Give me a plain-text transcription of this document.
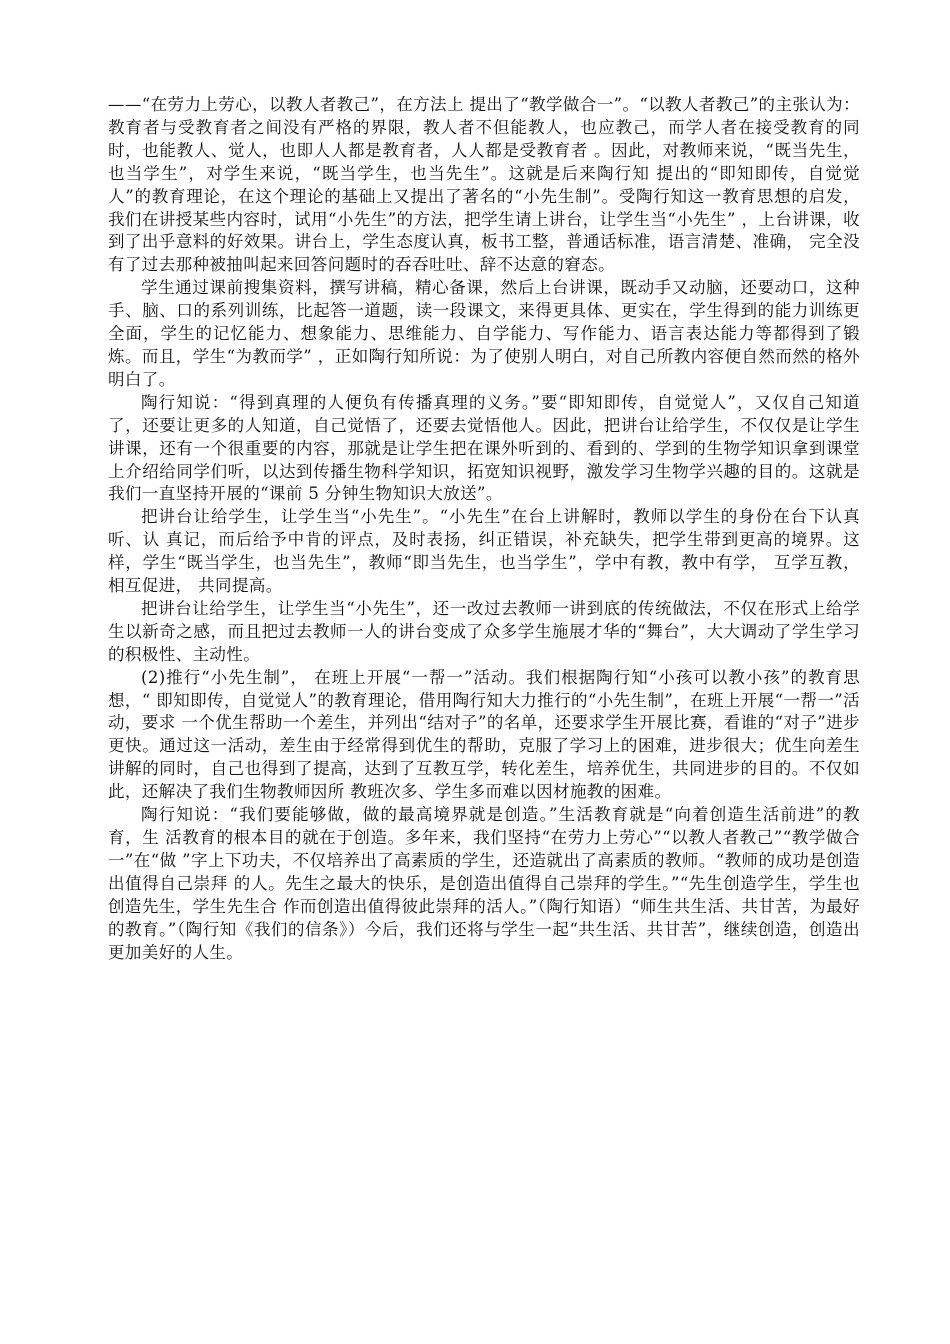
——“在劳力上劳心，以教人者教己”，在方法上 提出了“教学做合一”。“以教人者教己”的主张认为：教育者与受教育者之间没有严格的界限，教人者不但能教人，也应教己，而学人者在接受教育的同时，也能教人、觉人，也即人人都是教育者，人人都是受教育者 。因此，对教师来说，“既当先生，也当学生”，对学生来说，“既当学生，也当先生”。这就是后来陶行知 提出的“即知即传，自觉觉人”的教育理论，在这个理论的基础上又提出了著名的“小先生制”。受陶行知这一教育思想的启发，我们在讲授某些内容时，试用“小先生”的方法，把学生请上讲台，让学生当“小先生” ，上台讲课，收到了出乎意料的好效果。讲台上，学生态度认真，板书工整，普通话标准，语言清楚、准确， 完全没有了过去那种被抽叫起来回答问题时的吞吞吐吐、辞不达意的窘态。

学生通过课前搜集资料，撰写讲稿，精心备课，然后上台讲课，既动手又动脑，还要动口，这种手、脑、口的系列训练，比起答一道题，读一段课文，来得更具体、更实在，学生得到的能力训练更全面，学生的记忆能力、想象能力、思维能力、自学能力、写作能力、语言表达能力等都得到了锻炼。而且，学生“为教而学” ，正如陶行知所说：为了使别人明白，对自己所教内容便自然而然的格外明白了。

陶行知说：“得到真理的人便负有传播真理的义务。”要“即知即传，自觉觉人”，又仅自己知道了，还要让更多的人知道，自己觉悟了，还要去觉悟他人。因此，把讲台让给学生，不仅仅是让学生讲课，还有一个很重要的内容，那就是让学生把在课外听到的、看到的、学到的生物学知识拿到课堂上介绍给同学们听，以达到传播生物科学知识，拓宽知识视野，激发学习生物学兴趣的目的。这就是我们一直坚持开展的“课前 5 分钟生物知识大放送”。

把讲台让给学生，让学生当“小先生”。“小先生”在台上讲解时，教师以学生的身份在台下认真听、认 真记，而后给予中肯的评点，及时表扬，纠正错误，补充缺失，把学生带到更高的境界。这样，学生“既当学生，也当先生”，教师“即当先生，也当学生”，学中有教，教中有学， 互学互教， 相互促进， 共同提高。

把讲台让给学生，让学生当“小先生”，还一改过去教师一讲到底的传统做法，不仅在形式上给学生以新奇之感，而且把过去教师一人的讲台变成了众多学生施展才华的“舞台”，大大调动了学生学习的积极性、主动性。

(2)推行“小先生制”， 在班上开展“一帮一”活动。我们根据陶行知“小孩可以教小孩”的教育思想，“ 即知即传，自觉觉人”的教育理论，借用陶行知大力推行的“小先生制”，在班上开展“一帮一”活动，要求 一个优生帮助一个差生，并列出“结对子”的名单，还要求学生开展比赛，看谁的“对子”进步更快。通过这一活动，差生由于经常得到优生的帮助，克服了学习上的困难，进步很大；优生向差生讲解的同时，自己也得到了提高，达到了互教互学，转化差生，培养优生，共同进步的目的。不仅如此，还解决了我们生物教师因所 教班次多、学生多而难以因材施教的困难。

陶行知说：“我们要能够做，做的最高境界就是创造。”生活教育就是“向着创造生活前进”的教育，生 活教育的根本目的就在于创造。多年来，我们坚持“在劳力上劳心”“以教人者教己”“教学做合一”在“做 ”字上下功夫，不仅培养出了高素质的学生，还造就出了高素质的教师。“教师的成功是创造出值得自己崇拜 的人。先生之最大的快乐，是创造出值得自己崇拜的学生。”“先生创造学生，学生也创造先生，学生先生合 作而创造出值得彼此崇拜的活人。”（陶行知语）“师生共生活、共甘苦，为最好的教育。”（陶行知《我们的信条》）今后，我们还将与学生一起“共生活、共甘苦”，继续创造，创造出更加美好的人生。
